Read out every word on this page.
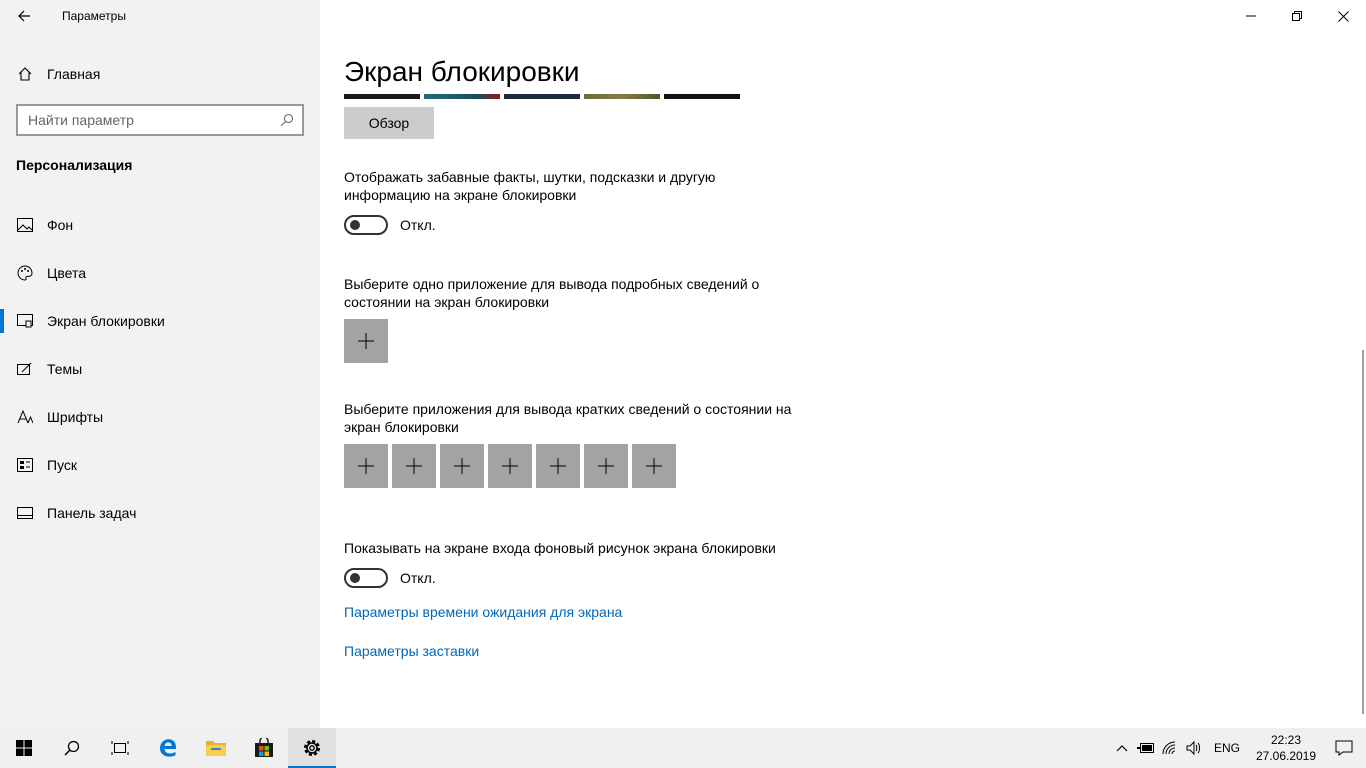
Параметры
Главная
Найти параметр
Персонализация
Фон
Цвета
Экран блокировки
Темы
Шрифты
Пуск
Панель задач
Экран блокировки
Обзор
Отображать забавные факты, шутки, подсказки и другую информацию на экране блокировки
Откл.
Выберите одно приложение для вывода подробных сведений о состоянии на экран блокировки
Выберите приложения для вывода кратких сведений о состоянии на экран блокировки
Показывать на экране входа фоновый рисунок экрана блокировки
Откл.
Параметры времени ожидания для экрана
Параметры заставки
ENG
22:23
27.06.2019
